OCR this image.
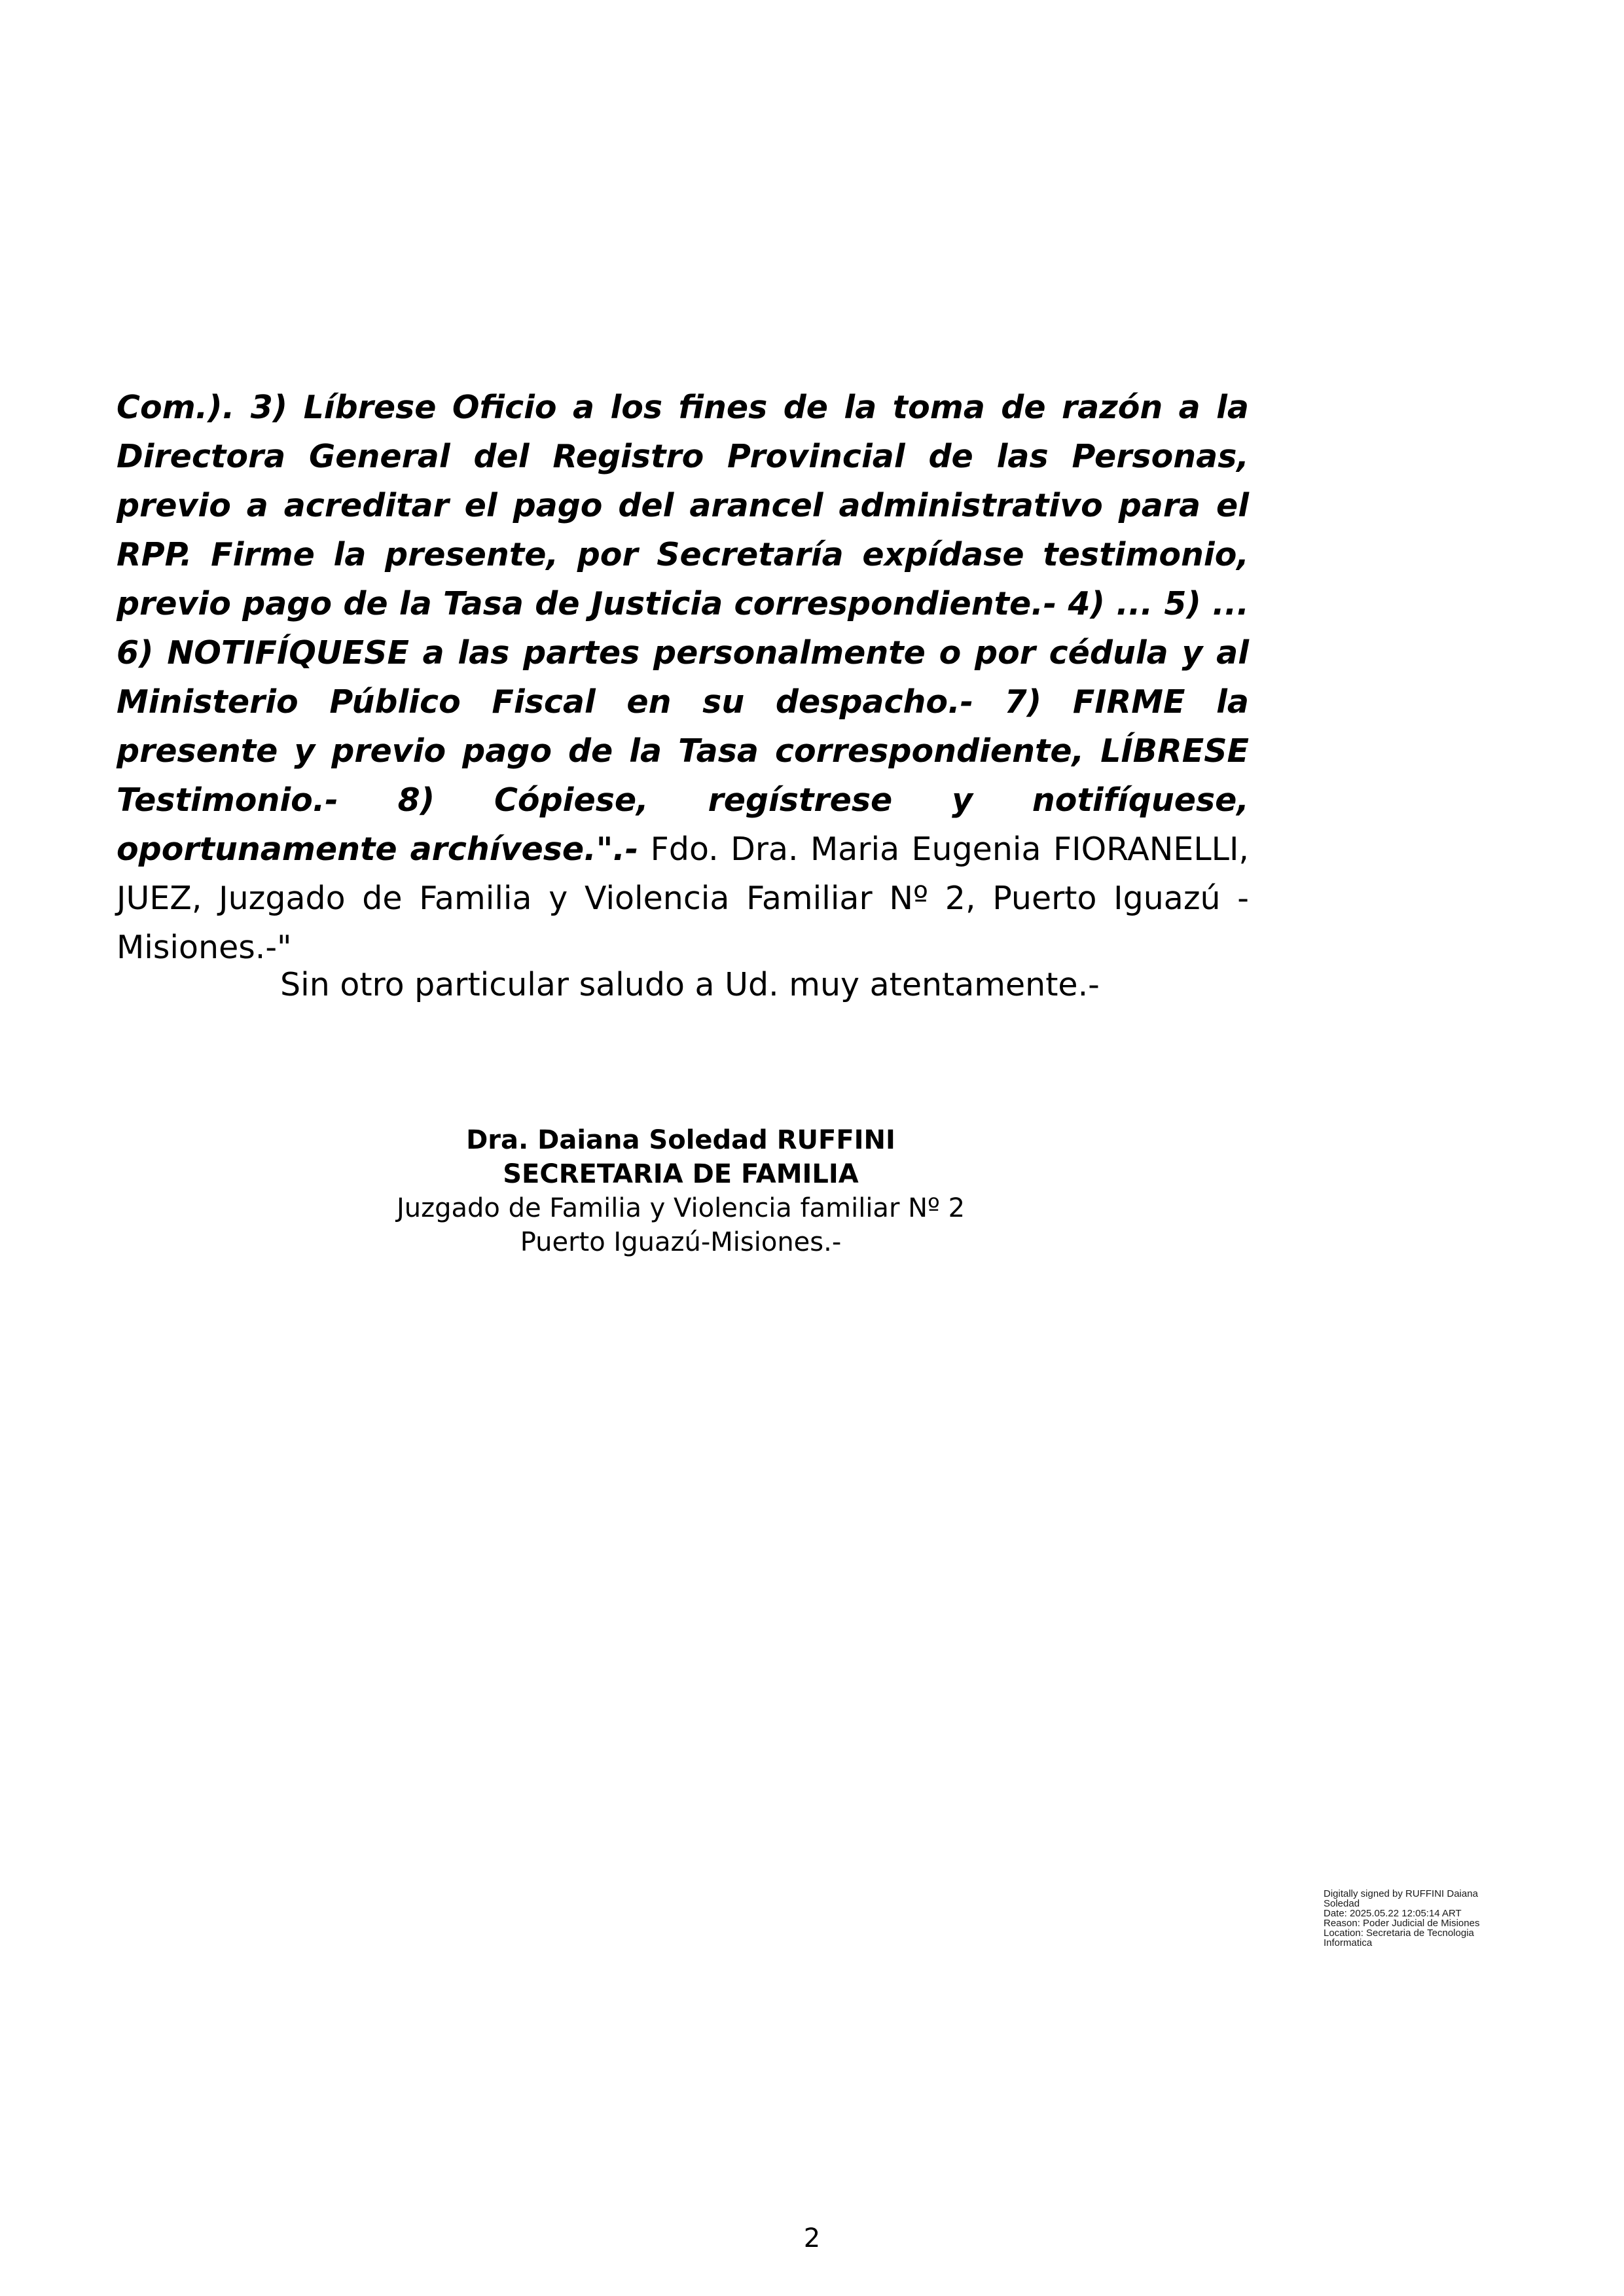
Com.). 3) Líbrese Oficio a los fines de la toma de razón a la Directora General del Registro Provincial de las Personas, previo a acreditar el pago del arancel administrativo para el RPP. Firme la presente, por Secretaría expídase testimonio, previo pago de la Tasa de Justicia correspondiente.- 4) ... 5) ... 6) NOTIFÍQUESE a las partes personalmente o por cédula y al Ministerio Público Fiscal en su despacho.- 7) FIRME la presente y previo pago de la Tasa correspondiente, LÍBRESE Testimonio.- 8) Cópiese, regístrese y notifíquese, oportunamente archívese.".- Fdo. Dra. Maria Eugenia FIORANELLI, JUEZ, Juzgado de Familia y Violencia Familiar Nº 2, Puerto Iguazú - Misiones.-"

Sin otro particular saludo a Ud. muy atentamente.-

Dra. Daiana Soledad RUFFINI
SECRETARIA DE FAMILIA
Juzgado de Familia y Violencia familiar Nº 2
Puerto Iguazú-Misiones.-
Digitally signed by RUFFINI Daiana
Soledad
Date: 2025.05.22 12:05:14 ART
Reason: Poder Judicial de Misiones
Location: Secretaria de Tecnologia
Informatica
2
